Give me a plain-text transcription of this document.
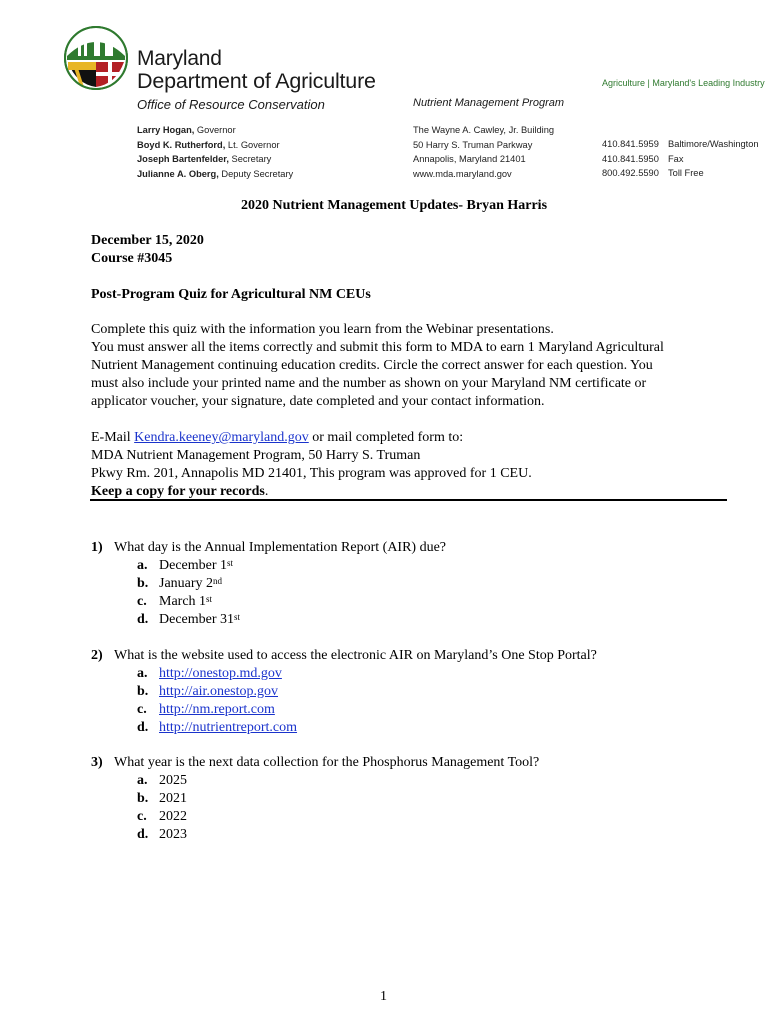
Maryland
Department of Agriculture	Agriculture | Maryland's Leading Industry
Office of Resource Conservation	Nutrient Management Program
Larry Hogan, Governor
Boyd K. Rutherford, Lt. Governor
Joseph Bartenfelder, Secretary
Julianne A. Oberg, Deputy Secretary
The Wayne A. Cawley, Jr. Building
50 Harry S. Truman Parkway
Annapolis, Maryland 21401
www.mda.maryland.gov
410.841.5959
410.841.5950
800.492.5590
Baltimore/Washington
Fax
Toll Free
2020 Nutrient Management Updates- Bryan Harris
December 15, 2020
Course #3045
Post-Program Quiz for Agricultural NM CEUs
Complete this quiz with the information you learn from the Webinar presentations.
You must answer all the items correctly and submit this form to MDA to earn 1 Maryland Agricultural
Nutrient Management continuing education credits. Circle the correct answer for each question. You
must also include your printed name and the number as shown on your Maryland NM certificate or
applicator voucher, your signature, date completed and your contact information.
E-Mail Kendra.keeney@maryland.gov or mail completed form to:
MDA Nutrient Management Program, 50 Harry S. Truman
Pkwy Rm. 201, Annapolis MD 21401, This program was approved for 1 CEU.
Keep a copy for your records.
1) What day is the Annual Implementation Report (AIR) due?
a. December 1st
b. January 2nd
c. March 1st
d. December 31st
2) What is the website used to access the electronic AIR on Maryland’s One Stop Portal?
a. http://onestop.md.gov
b. http://air.onestop.gov
c. http://nm.report.com
d. http://nutrientreport.com
3) What year is the next data collection for the Phosphorus Management Tool?
a. 2025
b. 2021
c. 2022
d. 2023
1
